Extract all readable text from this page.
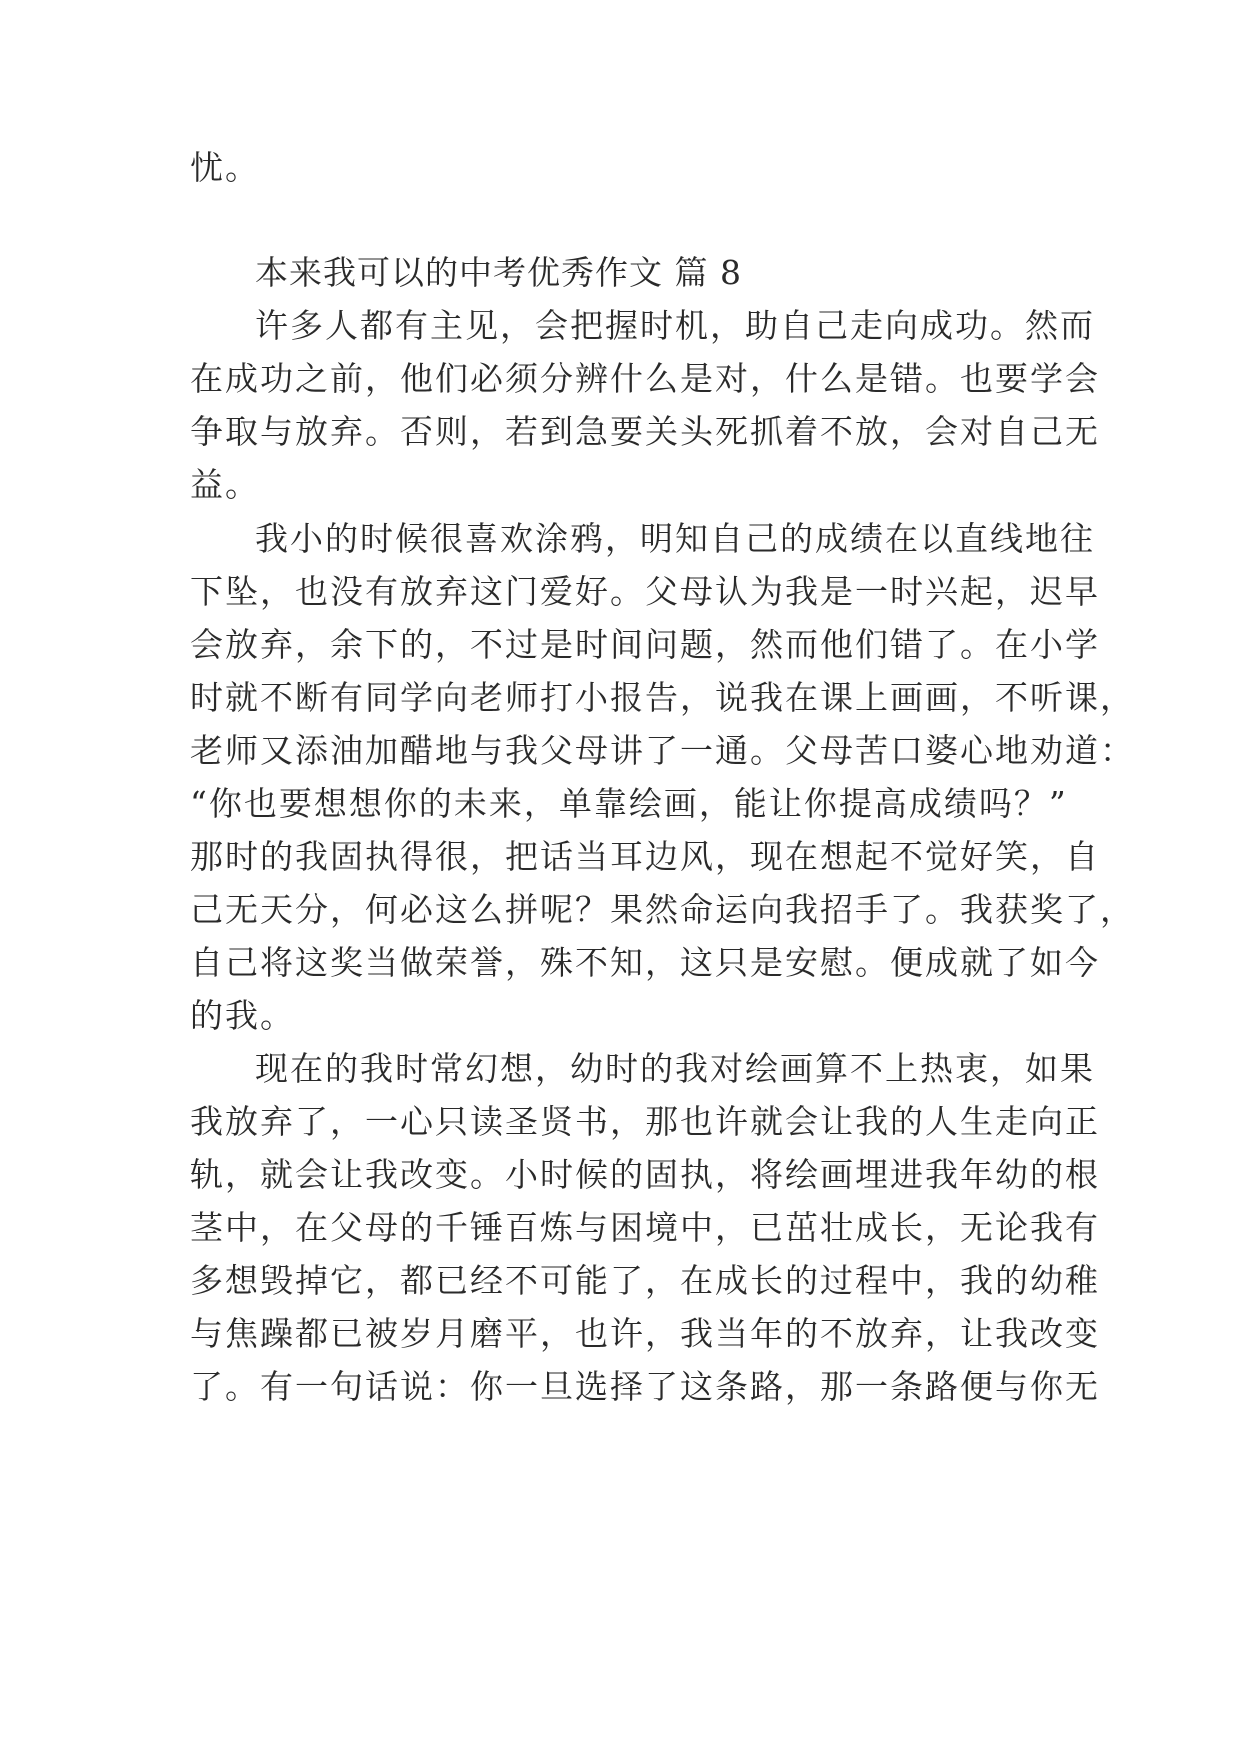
忧。
本来我可以的中考优秀作文 篇 8
许多人都有主见，会把握时机，助自己走向成功。然而
在成功之前，他们必须分辨什么是对，什么是错。也要学会
争取与放弃。否则，若到急要关头死抓着不放，会对自己无
益。
我小的时候很喜欢涂鸦，明知自己的成绩在以直线地往
下坠，也没有放弃这门爱好。父母认为我是一时兴起，迟早
会放弃，余下的，不过是时间问题，然而他们错了。在小学
时就不断有同学向老师打小报告，说我在课上画画，不听课，
老师又添油加醋地与我父母讲了一通。父母苦口婆心地劝道：
“你也要想想你的未来，单靠绘画，能让你提高成绩吗？”
那时的我固执得很，把话当耳边风，现在想起不觉好笑，自
己无天分，何必这么拼呢？果然命运向我招手了。我获奖了，
自己将这奖当做荣誉，殊不知，这只是安慰。便成就了如今
的我。
现在的我时常幻想，幼时的我对绘画算不上热衷，如果
我放弃了，一心只读圣贤书，那也许就会让我的人生走向正
轨，就会让我改变。小时候的固执，将绘画埋进我年幼的根
茎中，在父母的千锤百炼与困境中，已茁壮成长，无论我有
多想毁掉它，都已经不可能了，在成长的过程中，我的幼稚
与焦躁都已被岁月磨平，也许，我当年的不放弃，让我改变
了。有一句话说：你一旦选择了这条路，那一条路便与你无
